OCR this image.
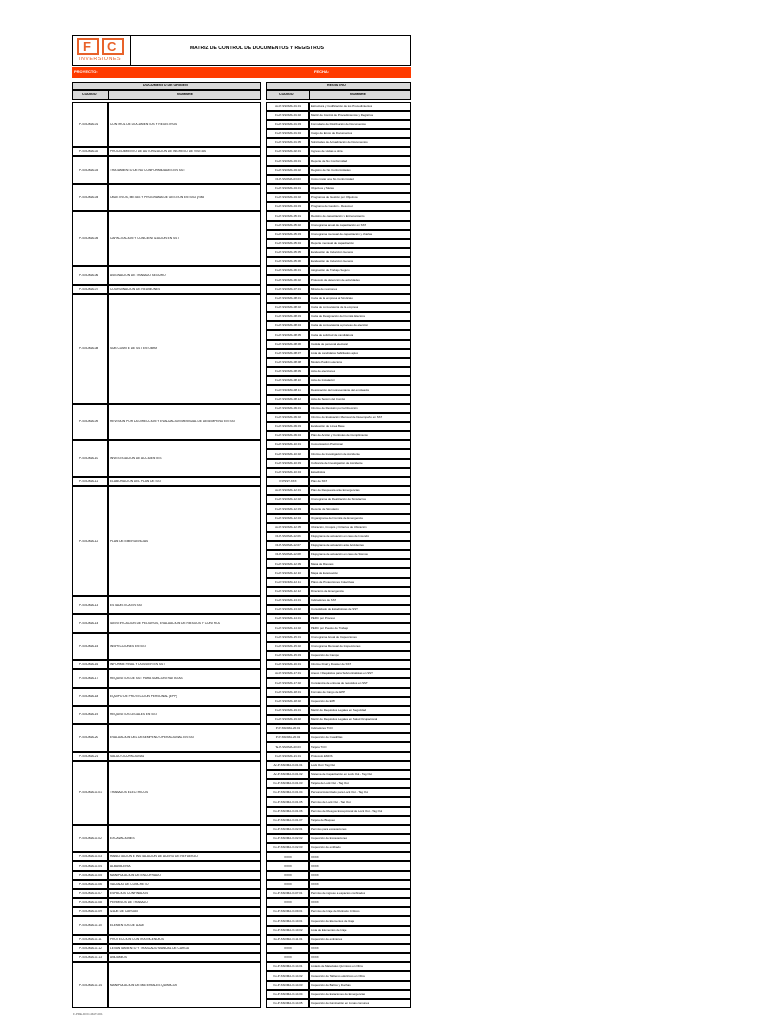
F C
INVERSIONES
MATRIZ DE CONTROL DE DOCUMENTOS Y REGISTROS
PROYECTO:	FECHA:
DOCUMENTO DE ORIGEN	REGISTRO
CODIGO	NOMBRE	CODIGO	NOMBRE
P-SSOMA-01	CONTROL DE DOCUMENTOS Y REGISTROS
Ac-P-SSOMA-01.01	Estructura y Codificación de los Procedimientos
Fo-P-SSOMA-01.02	Matriz de Control de Procedimientos y Registros
Fo-P-SSOMA-01.03	Formulario de Distribución de Documentos
Fo-P-SSOMA-01.04	Cargo de Envío de Documentos
Fo-P-SSOMA-01.05	Solicitudes de Actualización de Documentos
P-SSOMA-02	PROCEDIMIENTO DE AUTORIZACION DE INGRESO DE VISITAS	Fo-P-SSOMA-02.01	Ingreso de visitas a obra
P-SSOMA-03	TRATAMIENTO DE NO CONFORMIDADES EN SST
Fo-P-SSOMA-03.01	Reporte de No Conformidad
Fo-P-SSOMA-03.02	Registro de No Conformidades
Ot-P-SSOMA-03.03	Cómo tratar una No Conformidad
P-SSOMA-04	OBJETIVOS, METAS Y PROGRAMA DE GESTION EN SSO y MA
Fo-P-SSOMA-04.01	Objetivos y Metas
Fo-P-SSOMA-04.02	Programas de Gestión por Objetivos
Fo-P-SSOMA-04.03	Programa de Gestión - Resumen
P-SSOMA-05	CAPACITACION Y CONCIENTIZACION EN SST
Fo-P-SSOMA-05.01	Registro de capacitación y Entrenamiento
Fo-P-SSOMA-05.02	Cronograma anual de capacitación en SST
Fo-P-SSOMA-05.03	Cronograma mensual de capacitación y charlas
Fo-P-SSOMA-05.04	Reporte mensual de capacitación
Fo-P-SSOMA-05.05	Evaluación de Inducción General
Fo-P-SSOMA-05.06	Evaluación de Inducción General
P-SSOMA-06	ASIGNACIÓN DE TRABAJO SEGURO
Fo-P-SSOMA-06.01	Asignación de Trabajo Seguro
Fo-P-SSOMA-06.02	Protocolo de detención de actividades
P-SSOMA-07	COORDINACION DE REUNIONES	Fo-P-SSOMA-07.01	Minuta de reuniones
P-SSOMA-08	SUB COMITÉ DE SST EN OBRA
Fo-P-SSOMA-08.01	Carta de la empresa al Sindicato
Fo-P-SSOMA-08.02	Carta de convocatoria de la empresa
Fo-P-SSOMA-08.03	Carta de Designación del Comité Electoral
Fo-P-SSOMA-08.04	Carta de convocatoria a proceso de elección
Fo-P-SSOMA-08.05	Carta de solicitud de candidatura
Fo-P-SSOMA-08.06	Cédula de personal electoral
Fo-P-SSOMA-08.07	Lista de candidatos habilitados aptos
Fo-P-SSOMA-08.08	Modelo Padrón electoral
Fo-P-SSOMA-08.09	Acta de elecciones
Fo-P-SSOMA-08.10	Acta de Instalación
Fo-P-SSOMA-08.11	Designación del representante del empleador
Fo-P-SSOMA-08.12	Acta de Sesión del Comité
P-SSOMA-09	REVISION POR LA DIRECCIÓN Y EVALUACIÓN MENSUAL DE DESEMPEÑO EN SST
Fo-P-SSOMA-09.01	Informe de Revisión por la Dirección
Fo-P-SSOMA-09.02	Informe de Evaluación Mensual de Desempeño en SST
Fo-P-SSOMA-09.03	Evaluación de Línea Base
Fo-P-SSOMA-09.04	Plan de Acción y Controles de Cumplimiento
P-SSOMA-10	INVESTIGACIÓN DE ACCIDENTES
Fo-P-SSOMA-10.01	Comunicación Preliminar
Fo-P-SSOMA-10.02	Informe de Investigación de Accidente
Fo-P-SSOMA-10.03	Cobranza de Investigación de Accidente
Fo-P-SSOMA-10.04	Estadística
P-SSOMA-11	ELABORACIÓN DEL PLAN DE SST	P-PSST-XXX	Plan de SST
P-SSOMA-12	PLAN DE EMERGENCIAS
Ac-P-SSOMA-12.01	Plan de Respuesta ante Emergencias
Fo-P-SSOMA-12.02	Cronograma de Realización de Simulacros
Fo-P-SSOMA-12.03	Reporte de Simulacro
Fo-P-SSOMA-12.04	Organigrama del Comité de Emergencia
Ac-P-SSOMA-12.05	Ubicación, Croquis y Criterios de Ubicación
Ot-P-SSOMA-12.06	Flujograma de actuación en caso de Incendio
Ot-P-SSOMA-12.07	Flujograma de actuación ante Accidentes
Ot-P-SSOMA-12.08	Flujograma de actuación en caso de Sismos
Fo-P-SSOMA-12.09	Mapa de Riesgos
Fo-P-SSOMA-12.10	Mapa de Evacuación
Fo-P-SSOMA-12.11	Plano de Protecciones Colectivas
Fo-P-SSOMA-12.12	Directorio de Emergencia
P-SSOMA-13	ESTADÍSTICA EN SST
Fo-P-SSOMA-13.01	Indicadores de SST
Fo-P-SSOMA-13.02	Consolidado de Estadísticas de SST
P-SSOMA-14	IDENTIFICACIÓN DE PELIGROS, EVALUACIÓN DE RIESGOS Y CONTROL
Fo-P-SSOMA-14.01	PERC por Proceso
Fo-P-SSOMA-14.02	PERC por Puesto de Trabajo
P-SSOMA-15	INSPECCIONES EN SST
Fo-P-SSOMA-15.01	Cronograma Anual de Inspecciones
Fo-P-SSOMA-15.02	Cronograma Mensual de Inspecciones
Fo-P-SSOMA-15.03	Inspección de Campo
P-SSOMA-16	INFORME FINAL Y DOSSIER EN SST	Fo-P-SSOMA-16.01	Informe Final y Dossier de SST
P-SSOMA-17	REQUISITOS DE SST PARA SUBCONTRATISTAS
Ac-P-SSOMA-17.01	Anexo / Requisitos para Subcontratistas en SST
Fo-P-SSOMA-17.02	Constancia de entrega de requisitos en SST
P-SSOMA-18	EQUIPO DE PROTECCIÓN PERSONAL (EPP)
Fo-P-SSOMA-18.01	Formato de Cargo de EPP
Fo-P-SSOMA-18.02	Inspección de EPP
P-SSOMA-19	REQUISITOS LEGALES EN SST
Fo-P-SSOMA-19.01	Matriz de Requisitos Legales en Seguridad
Fo-P-SSOMA-19.02	Matriz de Requisitos Legales en Salud Ocupacional
P-SSOMA-20	EVALUACIÓN DEL DESEMPEÑO OPERACIONAL EN SST
P-P-SSOMA-20.01	Indicadores TCO
P-P-SSOMA-20.02	Inspección de Cuadrillas
Ta-P-SSOMA-20.03	Tarjeta TCO
P-SSOMA-21	SALUD OCUPACIONAL	Fo-P-SSOMA-21.01	Protocolo EMOS
P-SSOMA-O-01	TRABAJOS ELECTRICOS
Ac-P-SSOMA-O-01.01	Lock Out / Tag Out
Ac-P-SSOMA-O-01.02	Sistema de Capacitación en Lock Out - Tag Out
Fo-P-SSOMA-O-01.03	Tarjeta de Lock Out - Tag Out
Fo-P-SSOMA-O-01.04	Personal Autorizado para Lock Out - Tag Out
Fo-P-SSOMA-O-01.05	Permiso de Lock Out - Tag Out
Fo-P-SSOMA-O-01.06	Permiso de Riesgos Excepcional de Lock Out - Tag Out
Fo-P-SSOMA-O-01.07	Tarjeta de Bloqueo
P-SSOMA-O-02	EXCAVACIONES
Fo-P-SSOMA-O-02.01	Permiso para excavaciones
Fo-P-SSOMA-O-02.02	Inspección de Excavaciones
Fo-P-SSOMA-O-02.03	Inspección de entibado
P-SSOMA-O-03	HABILITACIÓN E INSTALACIÓN DE ACERO DE REFUERZO	XXXX	XXXX
P-SSOMA-O-04	ALBAÑILERÍA	XXXX	XXXX
P-SSOMA-O-05	MANIPULACIÓN DE ENCOFRADO	XXXX	XXXX
P-SSOMA-O-06	VACIADO DE CONCRETO	XXXX	XXXX
P-SSOMA-O-07	ESPACIOS CONFINADOS	Fo-P-SSOMA-O-07.01	Permiso de ingreso a espacios confinados
P-SSOMA-O-08	PERMISOS DE TRABAJO	XXXX	XXXX
P-SSOMA-O-09	IZAJE DE CARGAS	Fo-P-SSOMA-O-09.01	Permiso de Izaje de Rutinario Críticos
P-SSOMA-O-10	ELEMENTOS DE IZAJE
Fo-P-SSOMA-O-10.01	Inspección de Elementos de Izaje
Fo-P-SSOMA-O-10.02	Lista de Elementos de Izaje
P-SSOMA-O-11	PROTECCIÓN CONTRA INCENDIOS	Fo-P-SSOMA-O-11.01	Inspección de extintores
P-SSOMA-O-12	LEVANTAMIENTO Y TRASLADO MANUAL DE CARGA	XXXX	XXXX
P-SSOMA-O-13	ANDAMIOS	XXXX	XXXX
P-SSOMA-O-14	MANIPULACIÓN DE MATERIALES QUÍMICOS
Fo-P-SSOMA-O-14.01	Listado de Materiales Químicos en Obra
Fo-P-SSOMA-O-14.02	Inspección de Tableros eléctricos en Obra
Fo-P-SSOMA-O-14.03	Inspección de Baños y Duchas
Fo-P-SSOMA-O-14.04	Inspección de Estaciones de Emergencias
Fo-P-SSOMA-O-14.05	Inspección de iluminación en zonas comunes
F-PRE-DOC-MAT-001
